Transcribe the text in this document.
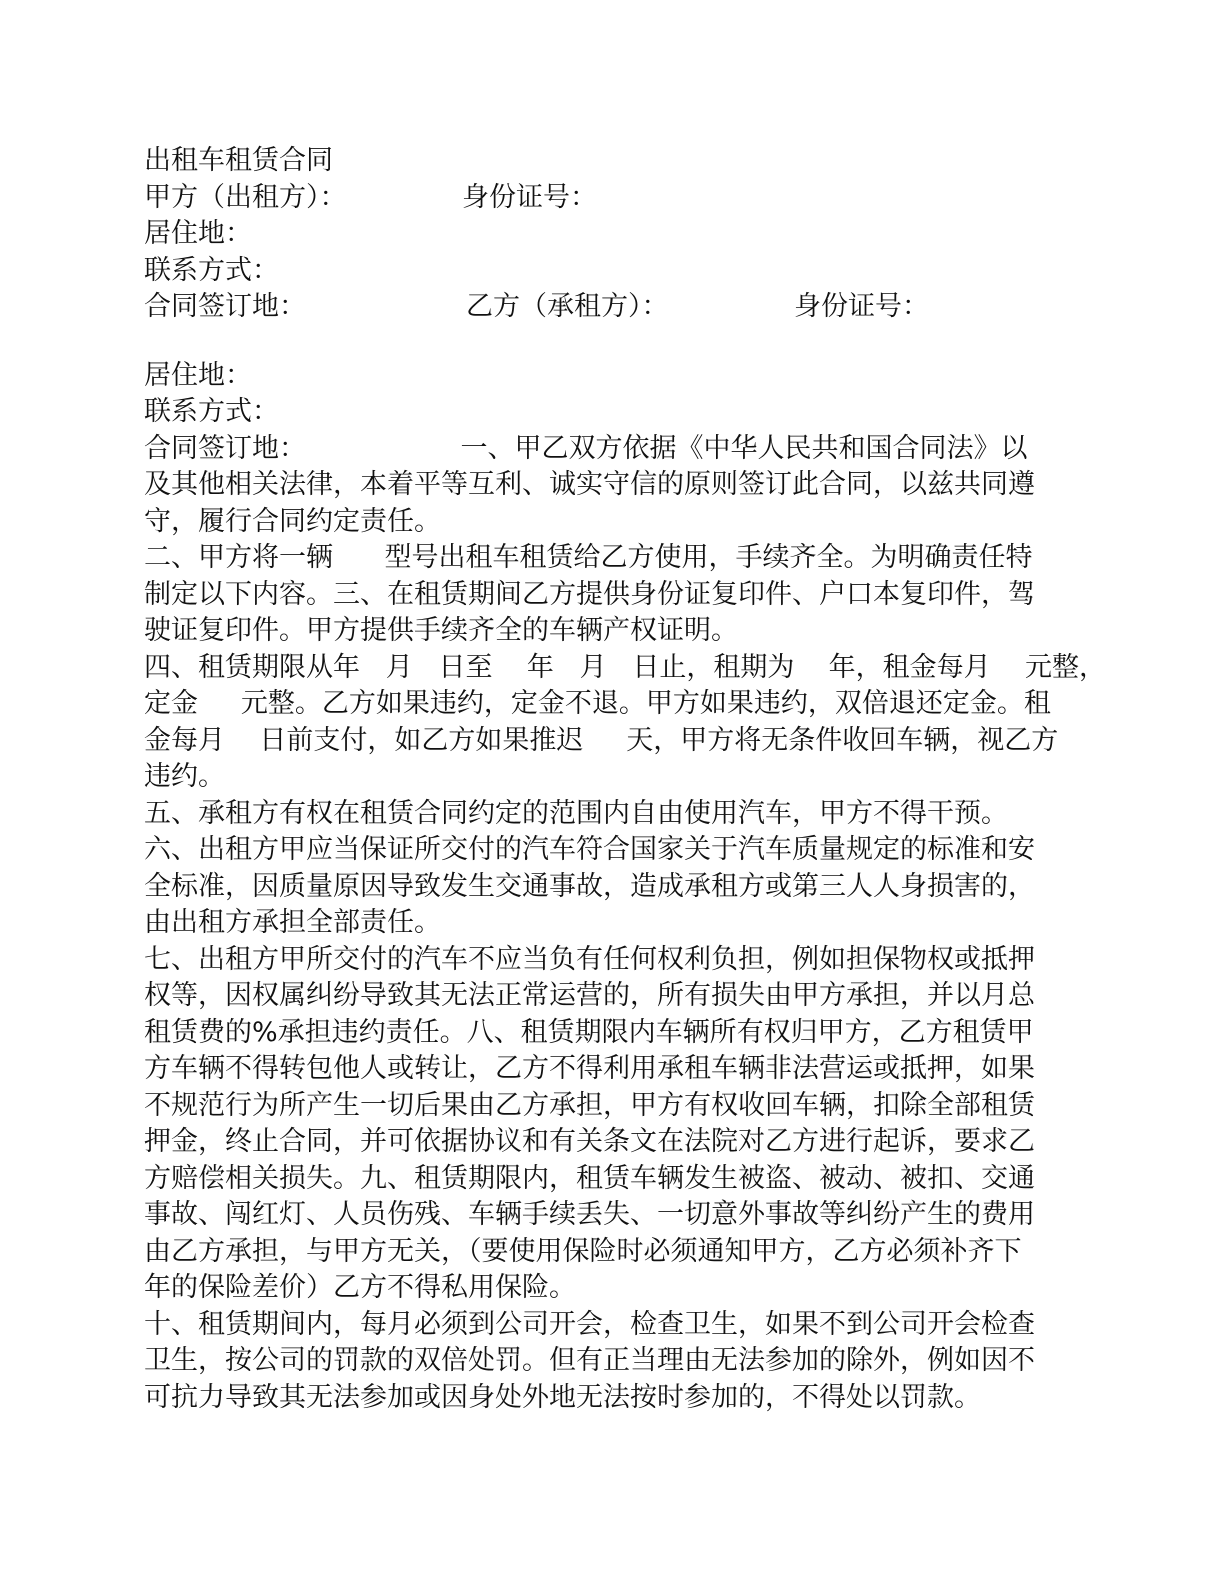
出租车租赁合同
甲方（出租方）：	身份证号：
居住地：
联系方式：
合同签订地：	乙方（承租方）：	身份证号：
居住地：
联系方式：
合同签订地：                  一、甲乙双方依据《中华人民共和国合同法》以
及其他相关法律，本着平等互利、诚实守信的原则签订此合同，以兹共同遵
守，履行合同约定责任。
二、甲方将一辆      型号出租车租赁给乙方使用，手续齐全。为明确责任特
制定以下内容。三、在租赁期间乙方提供身份证复印件、户口本复印件，驾
驶证复印件。甲方提供手续齐全的车辆产权证明。
四、租赁期限从年   月   日至    年   月   日止，租期为    年，租金每月    元整，
定金     元整。乙方如果违约，定金不退。甲方如果违约，双倍退还定金。租
金每月    日前支付，如乙方如果推迟     天，甲方将无条件收回车辆，视乙方
违约。
五、承租方有权在租赁合同约定的范围内自由使用汽车，甲方不得干预。
六、出租方甲应当保证所交付的汽车符合国家关于汽车质量规定的标准和安
全标准，因质量原因导致发生交通事故，造成承租方或第三人人身损害的，
由出租方承担全部责任。
七、出租方甲所交付的汽车不应当负有任何权利负担，例如担保物权或抵押
权等，因权属纠纷导致其无法正常运营的，所有损失由甲方承担，并以月总
租赁费的%承担违约责任。八、租赁期限内车辆所有权归甲方，乙方租赁甲
方车辆不得转包他人或转让，乙方不得利用承租车辆非法营运或抵押，如果
不规范行为所产生一切后果由乙方承担，甲方有权收回车辆，扣除全部租赁
押金，终止合同，并可依据协议和有关条文在法院对乙方进行起诉，要求乙
方赔偿相关损失。九、租赁期限内，租赁车辆发生被盗、被动、被扣、交通
事故、闯红灯、人员伤残、车辆手续丢失、一切意外事故等纠纷产生的费用
由乙方承担，与甲方无关，（要使用保险时必须通知甲方，乙方必须补齐下
年的保险差价）乙方不得私用保险。
十、租赁期间内，每月必须到公司开会，检查卫生，如果不到公司开会检查
卫生，按公司的罚款的双倍处罚。但有正当理由无法参加的除外，例如因不
可抗力导致其无法参加或因身处外地无法按时参加的，不得处以罚款。
